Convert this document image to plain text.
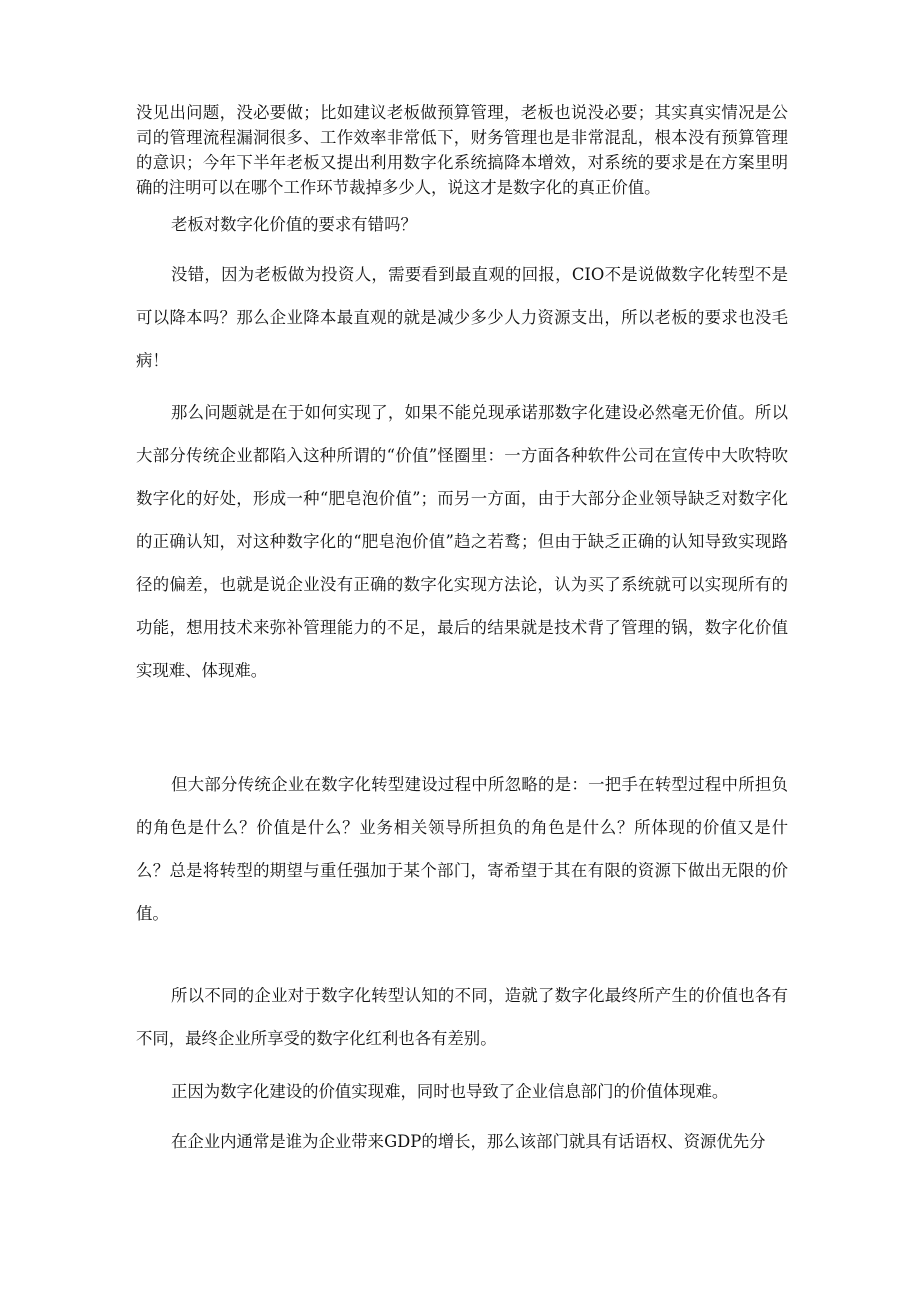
没见出问题，没必要做；比如建议老板做预算管理，老板也说没必要；其实真实情况是公司的管理流程漏洞很多、工作效率非常低下，财务管理也是非常混乱，根本没有预算管理的意识；今年下半年老板又提出利用数字化系统搞降本增效，对系统的要求是在方案里明确的注明可以在哪个工作环节裁掉多少人，说这才是数字化的真正价值。

老板对数字化价值的要求有错吗？

没错，因为老板做为投资人，需要看到最直观的回报，CIO不是说做数字化转型不是可以降本吗？那么企业降本最直观的就是减少多少人力资源支出，所以老板的要求也没毛病！

那么问题就是在于如何实现了，如果不能兑现承诺那数字化建设必然毫无价值。所以大部分传统企业都陷入这种所谓的“价值”怪圈里：一方面各种软件公司在宣传中大吹特吹数字化的好处，形成一种“肥皂泡价值”；而另一方面，由于大部分企业领导缺乏对数字化的正确认知，对这种数字化的“肥皂泡价值”趋之若鹜；但由于缺乏正确的认知导致实现路径的偏差，也就是说企业没有正确的数字化实现方法论，认为买了系统就可以实现所有的功能，想用技术来弥补管理能力的不足，最后的结果就是技术背了管理的锅，数字化价值实现难、体现难。

但大部分传统企业在数字化转型建设过程中所忽略的是：一把手在转型过程中所担负的角色是什么？价值是什么？业务相关领导所担负的角色是什么？所体现的价值又是什么？总是将转型的期望与重任强加于某个部门，寄希望于其在有限的资源下做出无限的价值。

所以不同的企业对于数字化转型认知的不同，造就了数字化最终所产生的价值也各有不同，最终企业所享受的数字化红利也各有差别。

正因为数字化建设的价值实现难，同时也导致了企业信息部门的价值体现难。

在企业内通常是谁为企业带来GDP的增长，那么该部门就具有话语权、资源优先分
